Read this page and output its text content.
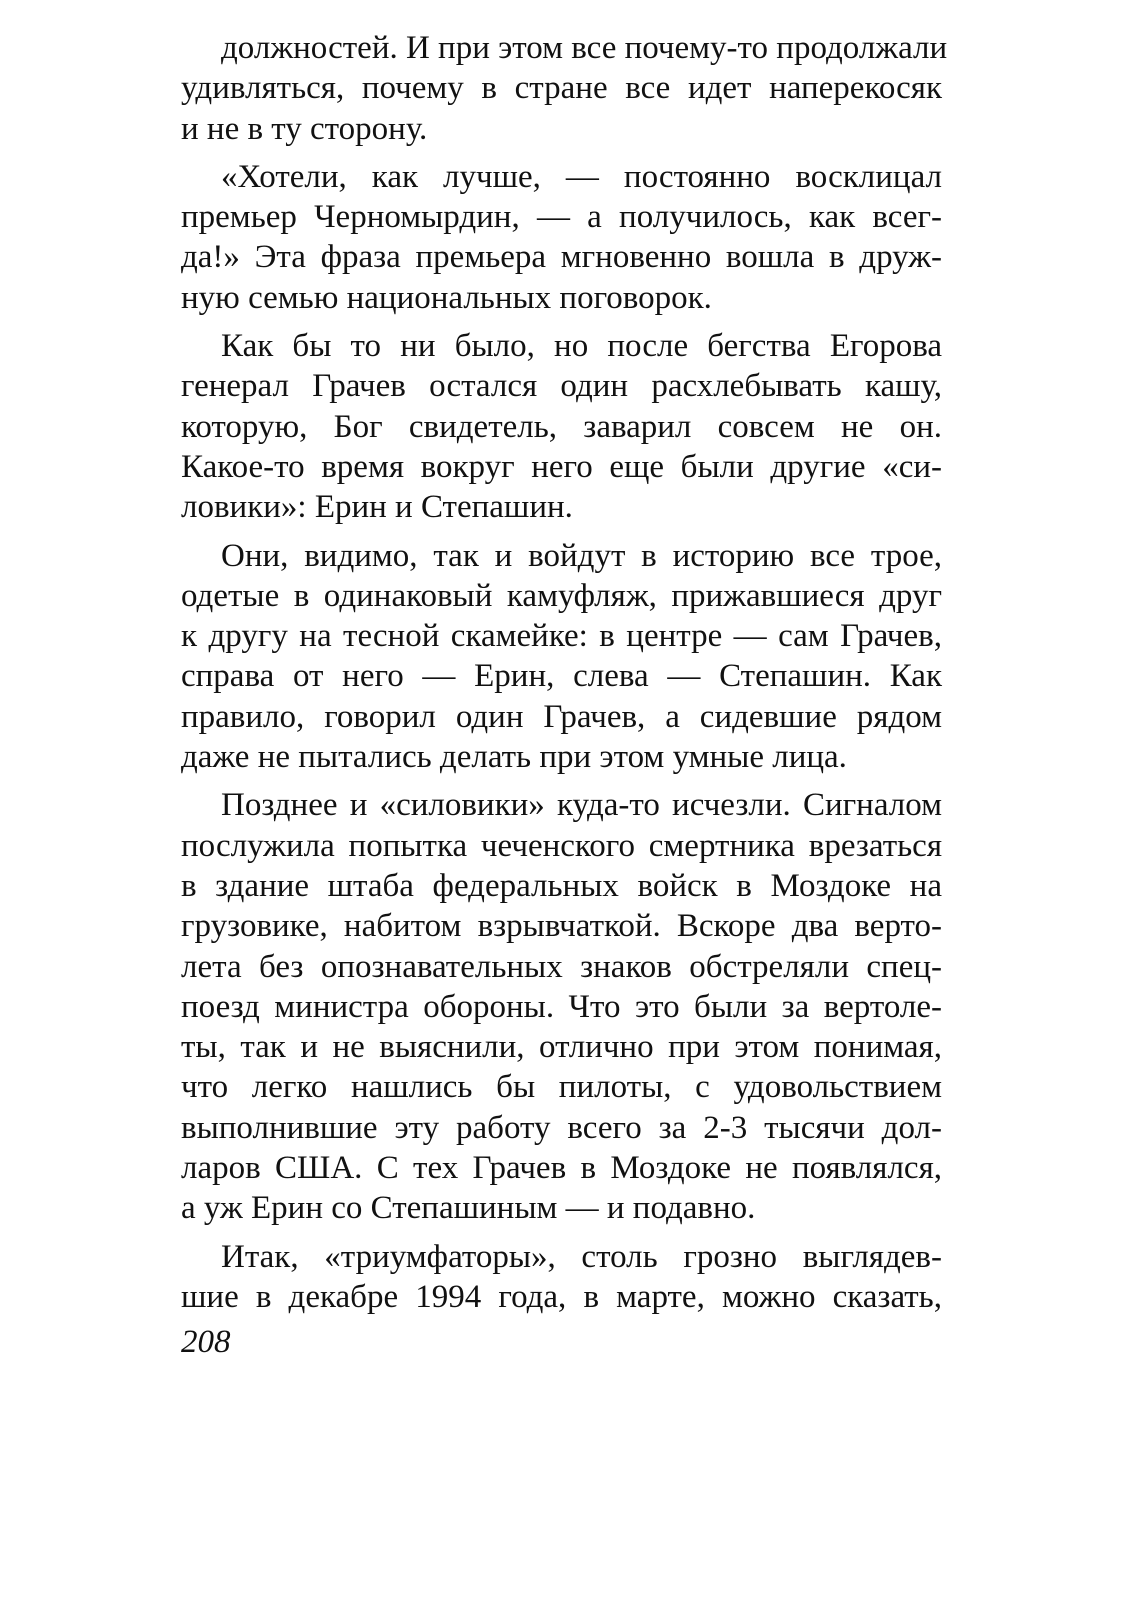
должностей. И при этом все почему-то продолжали
удивляться, почему в стране все идет наперекосяк
и не в ту сторону.
«Хотели, как лучше, — постоянно восклицал
премьер Черномырдин, — а получилось, как всег-
да!» Эта фраза премьера мгновенно вошла в друж-
ную семью национальных поговорок.
Как бы то ни было, но после бегства Егорова
генерал Грачев остался один расхлебывать кашу,
которую, Бог свидетель, заварил совсем не он.
Какое-то время вокруг него еще были другие «си-
ловики»: Ерин и Степашин.
Они, видимо, так и войдут в историю все трое,
одетые в одинаковый камуфляж, прижавшиеся друг
к другу на тесной скамейке: в центре — сам Грачев,
справа от него — Ерин, слева — Степашин. Как
правило, говорил один Грачев, а сидевшие рядом
даже не пытались делать при этом умные лица.
Позднее и «силовики» куда-то исчезли. Сигналом
послужила попытка чеченского смертника врезаться
в здание штаба федеральных войск в Моздоке на
грузовике, набитом взрывчаткой. Вскоре два верто-
лета без опознавательных знаков обстреляли спец-
поезд министра обороны. Что это были за вертоле-
ты, так и не выяснили, отлично при этом понимая,
что легко нашлись бы пилоты, с удовольствием
выполнившие эту работу всего за 2-3 тысячи дол-
ларов США. С тех Грачев в Моздоке не появлялся,
а уж Ерин со Степашиным — и подавно.
Итак, «триумфаторы», столь грозно выглядев-
шие в декабре 1994 года, в марте, можно сказать,
208
